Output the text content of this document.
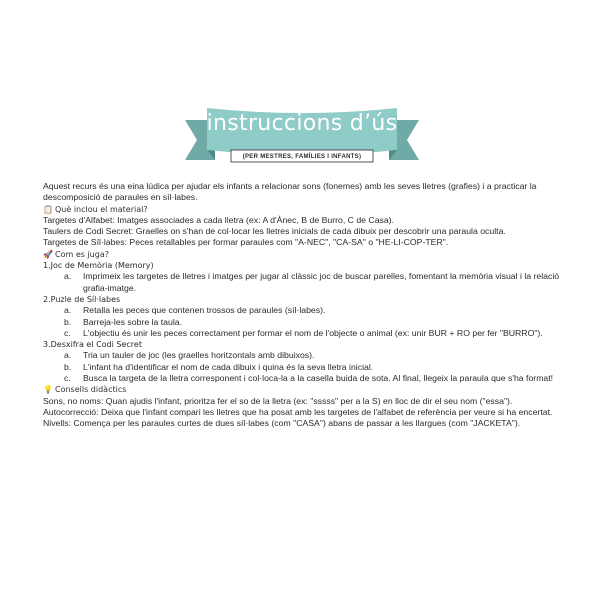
instruccions d’ús
(PER MESTRES, FAMÍLIES I INFANTS)

Aquest recurs és una eina lúdica per ajudar els infants a relacionar sons (fonemes) amb les seves lletres (grafies) i a practicar la descomposició de paraules en síl·labes.

📋 Què inclou el material?

Targetes d'Alfabet: Imatges associades a cada lletra (ex: A d'Ànec, B de Burro, C de Casa).

Taulers de Codi Secret: Graelles on s'han de col·locar les lletres inicials de cada dibuix per descobrir una paraula oculta.

Targetes de Síl·labes: Peces retallables per formar paraules com "A-NEC", "CA-SA" o "HE-LI-COP-TER".

🚀 Com es juga?

1.Joc de Memòria (Memory)

a. Imprimeix les targetes de lletres i imatges per jugar al clàssic joc de buscar parelles, fomentant la memòria visual i la relació grafia-imatge.

2.Puzle de Síl·labes

a. Retalla les peces que contenen trossos de paraules (síl·labes).
b. Barreja-les sobre la taula.
c. L'objectiu és unir les peces correctament per formar el nom de l'objecte o animal (ex: unir BUR + RO per fer "BURRO").

3.Desxifra el Codi Secret

a. Tria un tauler de joc (les graelles horitzontals amb dibuixos).
b. L'infant ha d'identificar el nom de cada dibuix i quina és la seva lletra inicial.
c. Busca la targeta de la lletra corresponent i col·loca-la a la casella buida de sota. Al final, llegeix la paraula que s'ha format!

💡 Consells didàctics

Sons, no noms: Quan ajudis l'infant, prioritza fer el so de la lletra (ex: "sssss" per a la S) en lloc de dir el seu nom ("essa").

Autocorrecció: Deixa que l'infant compari les lletres que ha posat amb les targetes de l'alfabet de referència per veure si ha encertat.

Nivells: Comença per les paraules curtes de dues síl·labes (com "CASA") abans de passar a les llargues (com "JACKETA").
